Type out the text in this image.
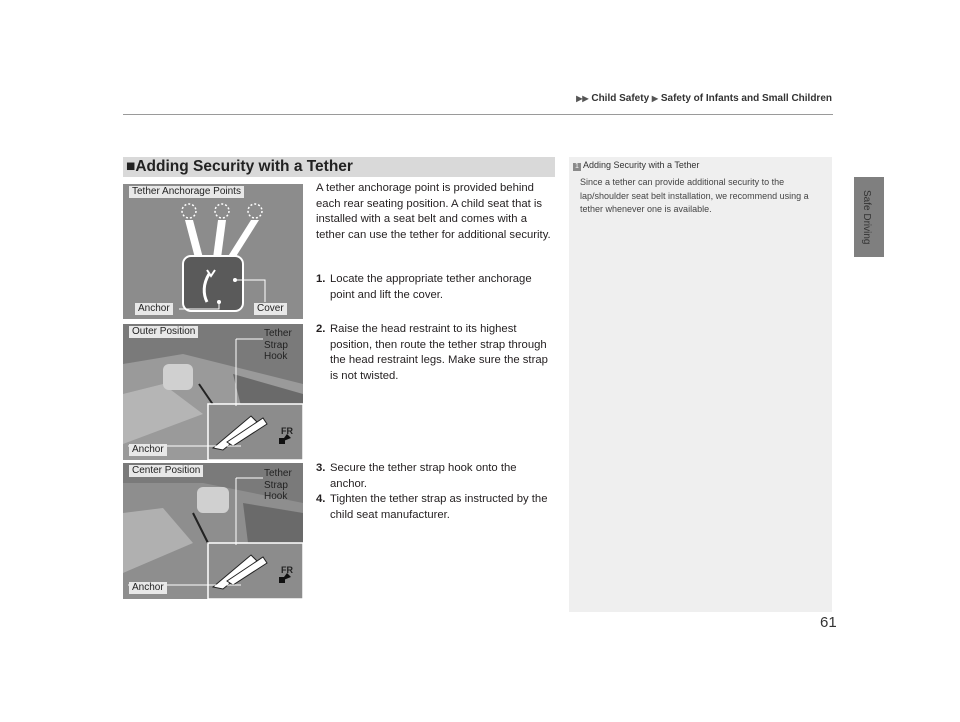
▶▶ Child Safety ▶ Safety of Infants and Small Children
Safe Driving
■Adding Security with a Tether	1 Adding Security with a Tether
Since a tether can provide additional security to the lap/shoulder seat belt installation, we recommend using a tether whenever one is available.
A tether anchorage point is provided behind each rear seating position. A child seat that is installed with a seat belt and comes with a tether can use the tether for additional security.
1. Locate the appropriate tether anchorage point and lift the cover.
2. Raise the head restraint to its highest position, then route the tether strap through the head restraint legs. Make sure the strap is not twisted.
3. Secure the tether strap hook onto the anchor.
4. Tighten the tether strap as instructed by the child seat manufacturer.
Tether Anchorage Points
Anchor	Cover
Outer Position	Tether Strap Hook
Anchor
FR
Center Position	Tether Strap Hook
Anchor
FR
61
